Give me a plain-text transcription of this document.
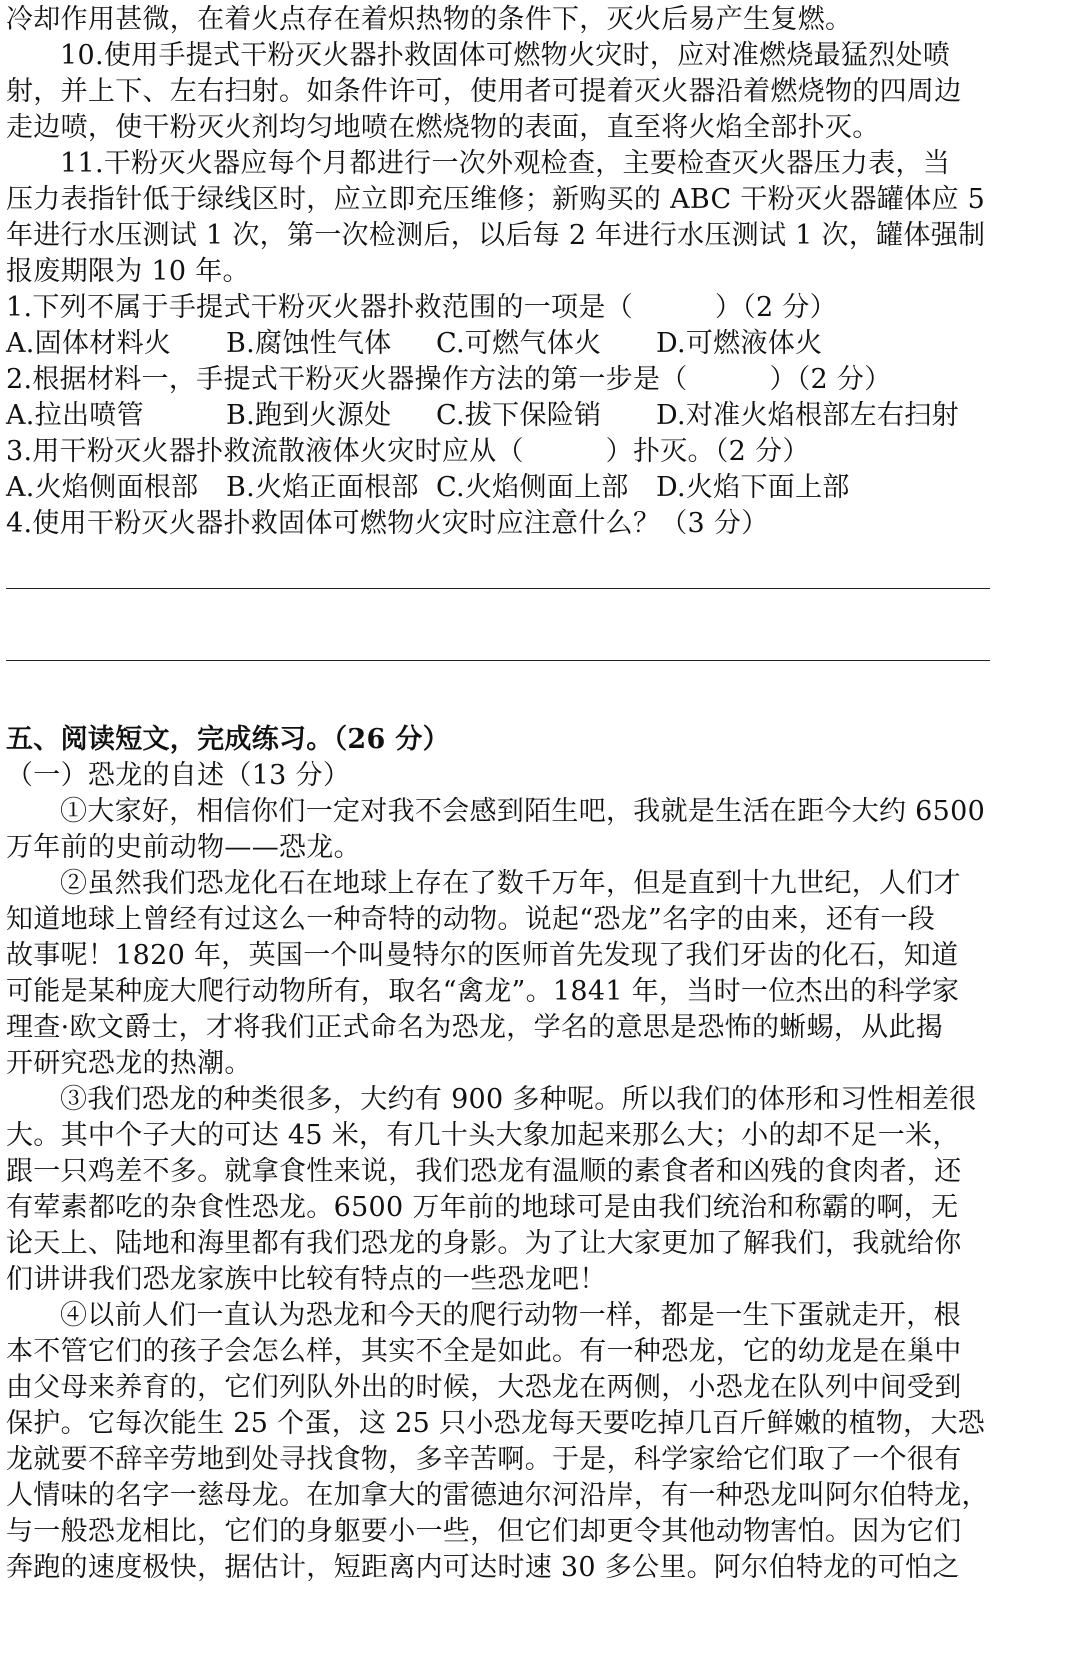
冷却作用甚微，在着火点存在着炽热物的条件下，灭火后易产生复燃。
10.使用手提式干粉灭火器扑救固体可燃物火灾时，应对准燃烧最猛烈处喷
射，并上下、左右扫射。如条件许可，使用者可提着灭火器沿着燃烧物的四周边
走边喷，使干粉灭火剂均匀地喷在燃烧物的表面，直至将火焰全部扑灭。
11.干粉灭火器应每个月都进行一次外观检查，主要检查灭火器压力表，当
压力表指针低于绿线区时，应立即充压维修；新购买的 ABC 干粉灭火器罐体应 5
年进行水压测试 1 次，第一次检测后，以后每 2 年进行水压测试 1 次，罐体强制
报废期限为 10 年。
1.下列不属于手提式干粉灭火器扑救范围的一项是（　　　）（2 分）
A.固体材料火 B.腐蚀性气体 C.可燃气体火 D.可燃液体火
2.根据材料一，手提式干粉灭火器操作方法的第一步是（　　　）（2 分）
A.拉出喷管	B.跑到火源处 C.拔下保险销 D.对准火焰根部左右扫射
3.用干粉灭火器扑救流散液体火灾时应从（　　　）扑灭。（2 分）
A.火焰侧面根部 B.火焰正面根部 C.火焰侧面上部 D.火焰下面上部
4.使用干粉灭火器扑救固体可燃物火灾时应注意什么？（3 分）
五、阅读短文，完成练习。（26 分）
（一）恐龙的自述（13 分）
①大家好，相信你们一定对我不会感到陌生吧，我就是生活在距今大约 6500
万年前的史前动物——恐龙。
②虽然我们恐龙化石在地球上存在了数千万年，但是直到十九世纪，人们才
知道地球上曾经有过这么一种奇特的动物。说起“恐龙”名字的由来，还有一段
故事呢！1820 年，英国一个叫曼特尔的医师首先发现了我们牙齿的化石，知道
可能是某种庞大爬行动物所有，取名“禽龙”。1841 年，当时一位杰出的科学家
理查·欧文爵士，才将我们正式命名为恐龙，学名的意思是恐怖的蜥蜴，从此揭
开研究恐龙的热潮。
③我们恐龙的种类很多，大约有 900 多种呢。所以我们的体形和习性相差很
大。其中个子大的可达 45 米，有几十头大象加起来那么大；小的却不足一米，
跟一只鸡差不多。就拿食性来说，我们恐龙有温顺的素食者和凶残的食肉者，还
有荤素都吃的杂食性恐龙。6500 万年前的地球可是由我们统治和称霸的啊，无
论天上、陆地和海里都有我们恐龙的身影。为了让大家更加了解我们，我就给你
们讲讲我们恐龙家族中比较有特点的一些恐龙吧！
④以前人们一直认为恐龙和今天的爬行动物一样，都是一生下蛋就走开，根
本不管它们的孩子会怎么样，其实不全是如此。有一种恐龙，它的幼龙是在巢中
由父母来养育的，它们列队外出的时候，大恐龙在两侧，小恐龙在队列中间受到
保护。它每次能生 25 个蛋，这 25 只小恐龙每天要吃掉几百斤鲜嫩的植物，大恐
龙就要不辞辛劳地到处寻找食物，多辛苦啊。于是，科学家给它们取了一个很有
人情味的名字一慈母龙。在加拿大的雷德迪尔河沿岸，有一种恐龙叫阿尔伯特龙，
与一般恐龙相比，它们的身躯要小一些，但它们却更令其他动物害怕。因为它们
奔跑的速度极快，据估计，短距离内可达时速 30 多公里。阿尔伯特龙的可怕之
